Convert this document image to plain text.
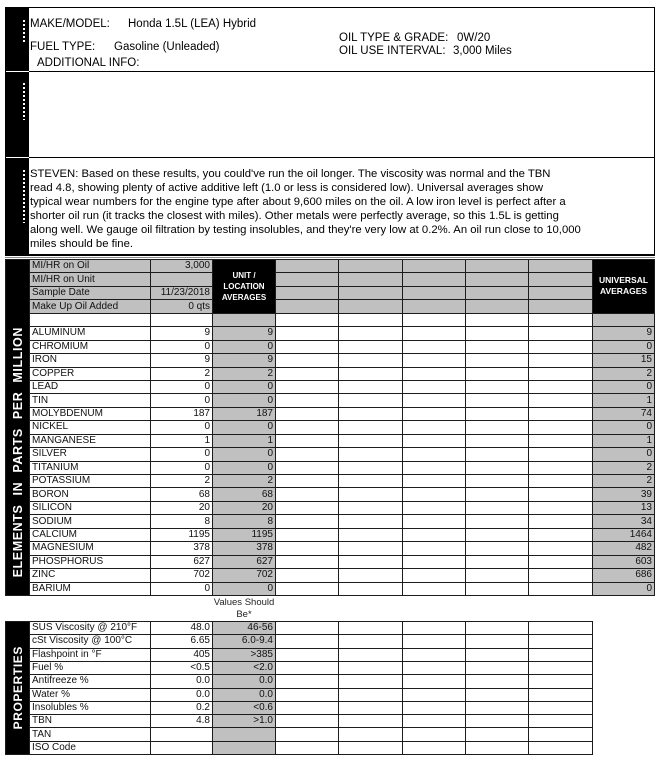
MAKE/MODEL: Honda 1.5L (LEA) Hybrid
FUEL TYPE: Gasoline (Unleaded)
ADDITIONAL INFO:
OIL TYPE & GRADE: 0W/20
OIL USE INTERVAL: 3,000 Miles
STEVEN: Based on these results, you could've run the oil longer. The viscosity was normal and the TBN
read 4.8, showing plenty of active additive left (1.0 or less is considered low). Universal averages show
typical wear numbers for the engine type after about 9,600 miles on the oil. A low iron level is perfect after a
shorter oil run (it tracks the closest with miles). Other metals were perfectly average, so this 1.5L is getting
along well. We gauge oil filtration by testing insolubles, and they're very low at 0.2%. An oil run close to 10,000
miles should be fine.
ELEMENTS IN PARTS PER MILLION
UNIT / LOCATION AVERAGES
UNIVERSAL AVERAGES
MI/HR on Oil	3,000
MI/HR on Unit
Sample Date	11/23/2018
Make Up Oil Added	0 qts
ALUMINUM	9	9	9
CHROMIUM	0	0	0
IRON	9	9	15
COPPER	2	2	2
LEAD	0	0	0
TIN	0	0	1
MOLYBDENUM	187	187	74
NICKEL	0	0	0
MANGANESE	1	1	1
SILVER	0	0	0
TITANIUM	0	0	2
POTASSIUM	2	2	2
BORON	68	68	39
SILICON	20	20	13
SODIUM	8	8	34
CALCIUM	1195	1195	1464
MAGNESIUM	378	378	482
PHOSPHORUS	627	627	603
ZINC	702	702	686
BARIUM	0	0	0
Values Should Be*
PROPERTIES
SUS Viscosity @ 210°F	48.0	46-56
cSt Viscosity @ 100°C	6.65	6.0-9.4
Flashpoint in °F	405	>385
Fuel %	<0.5	<2.0
Antifreeze %	0.0	0.0
Water %	0.0	0.0
Insolubles %	0.2	<0.6
TBN	4.8	>1.0
TAN
ISO Code
